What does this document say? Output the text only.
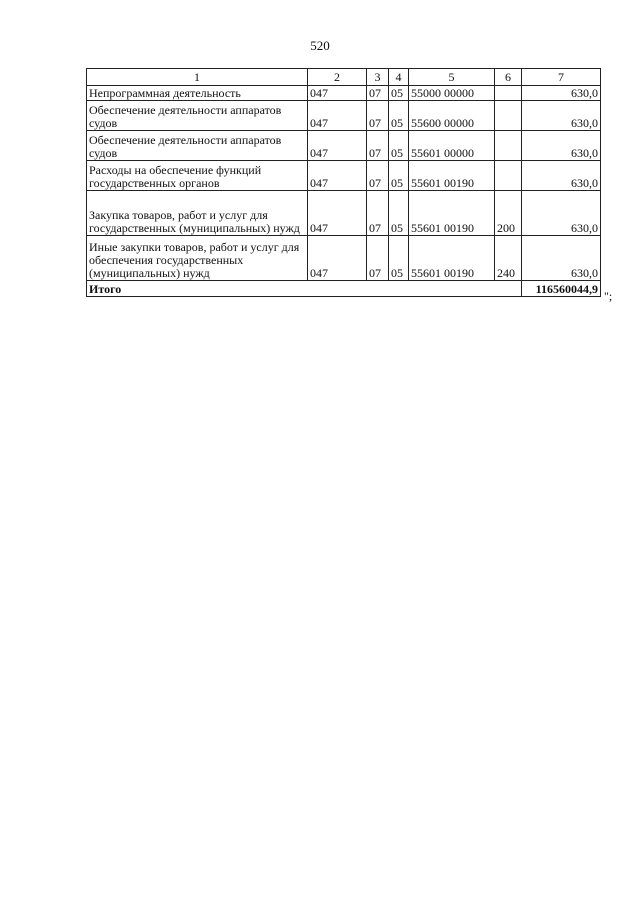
520
1	2	3	4	5	6	7
Непрограммная деятельность	047	07	05	55000 00000		630,0
Обеспечение деятельности аппаратов судов	047	07	05	55600 00000		630,0
Обеспечение деятельности аппаратов судов	047	07	05	55601 00000		630,0
Расходы на обеспечение функций государственных органов	047	07	05	55601 00190		630,0
Закупка товаров, работ и услуг для государственных (муниципальных) нужд	047	07	05	55601 00190	200	630,0
Иные закупки товаров, работ и услуг для обеспечения государственных (муниципальных) нужд	047	07	05	55601 00190	240	630,0
Итого						116560044,9 ";
